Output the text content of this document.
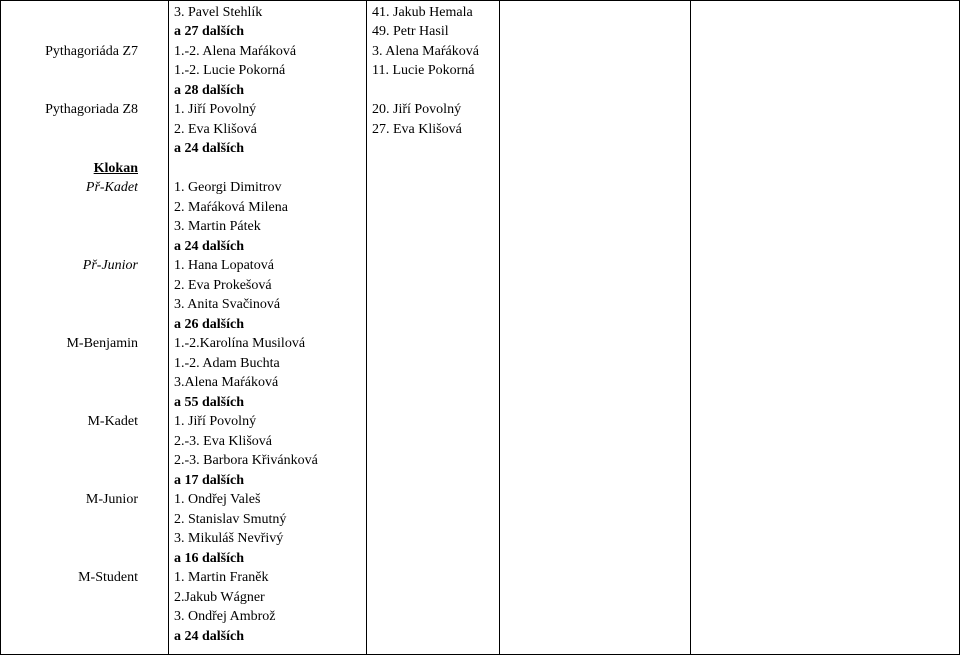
3. Pavel Stehlík	41. Jakub Hemala
a 27 dalších	49. Petr Hasil
Pythagoriáda Z7	1.-2. Alena Maŕáková	3. Alena Maŕáková
1.-2. Lucie Pokorná	11. Lucie Pokorná
a 28 dalších
Pythagoriada Z8	1. Jiří Povolný	20. Jiří Povolný
2. Eva Klišová	27. Eva Klišová
a 24 dalších
Klokan
Př-Kadet	1. Georgi Dimitrov
2. Maŕáková Milena
3. Martin Pátek
a 24 dalších
Př-Junior	1. Hana Lopatová
2. Eva Prokešová
3. Anita Svačinová
a 26 dalších
M-Benjamin	1.-2.Karolína Musilová
1.-2. Adam Buchta
3.Alena Maŕáková
a 55 dalších
M-Kadet	1. Jiří Povolný
2.-3. Eva Klišová
2.-3. Barbora Křivánková
a 17 dalších
M-Junior	1. Ondřej Valeš
2. Stanislav Smutný
3. Mikuláš Nevřivý
a 16 dalších
M-Student	1. Martin Franěk
2.Jakub Wágner
3. Ondřej Ambrož
a 24 dalších
